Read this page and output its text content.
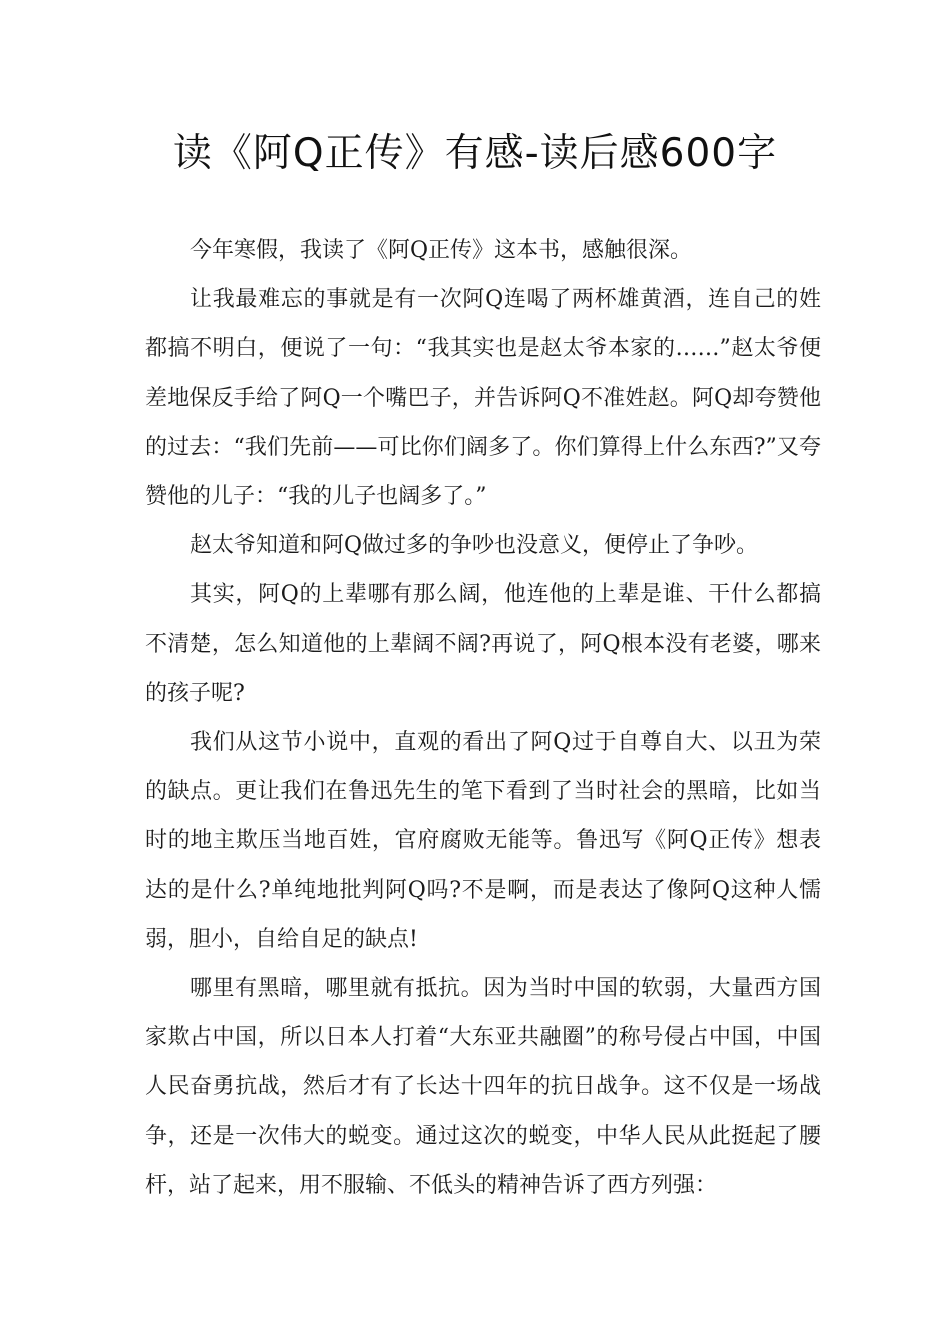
读《阿Q正传》有感-读后感600字

今年寒假，我读了《阿Q正传》这本书，感触很深。

让我最难忘的事就是有一次阿Q连喝了两杯雄黄酒，连自己的姓都搞不明白，便说了一句：“我其实也是赵太爷本家的……”赵太爷便差地保反手给了阿Q一个嘴巴子，并告诉阿Q不准姓赵。阿Q却夸赞他的过去：“我们先前——可比你们阔多了。你们算得上什么东西?”又夸赞他的儿子：“我的儿子也阔多了。”

赵太爷知道和阿Q做过多的争吵也没意义，便停止了争吵。

其实，阿Q的上辈哪有那么阔，他连他的上辈是谁、干什么都搞不清楚，怎么知道他的上辈阔不阔?再说了，阿Q根本没有老婆，哪来的孩子呢?

我们从这节小说中，直观的看出了阿Q过于自尊自大、以丑为荣的缺点。更让我们在鲁迅先生的笔下看到了当时社会的黑暗，比如当时的地主欺压当地百姓，官府腐败无能等。鲁迅写《阿Q正传》想表达的是什么?单纯地批判阿Q吗?不是啊，而是表达了像阿Q这种人懦弱，胆小，自给自足的缺点!

哪里有黑暗，哪里就有抵抗。因为当时中国的软弱，大量西方国家欺占中国，所以日本人打着“大东亚共融圈”的称号侵占中国，中国人民奋勇抗战，然后才有了长达十四年的抗日战争。这不仅是一场战争，还是一次伟大的蜕变。通过这次的蜕变，中华人民从此挺起了腰杆，站了起来，用不服输、不低头的精神告诉了西方列强：
